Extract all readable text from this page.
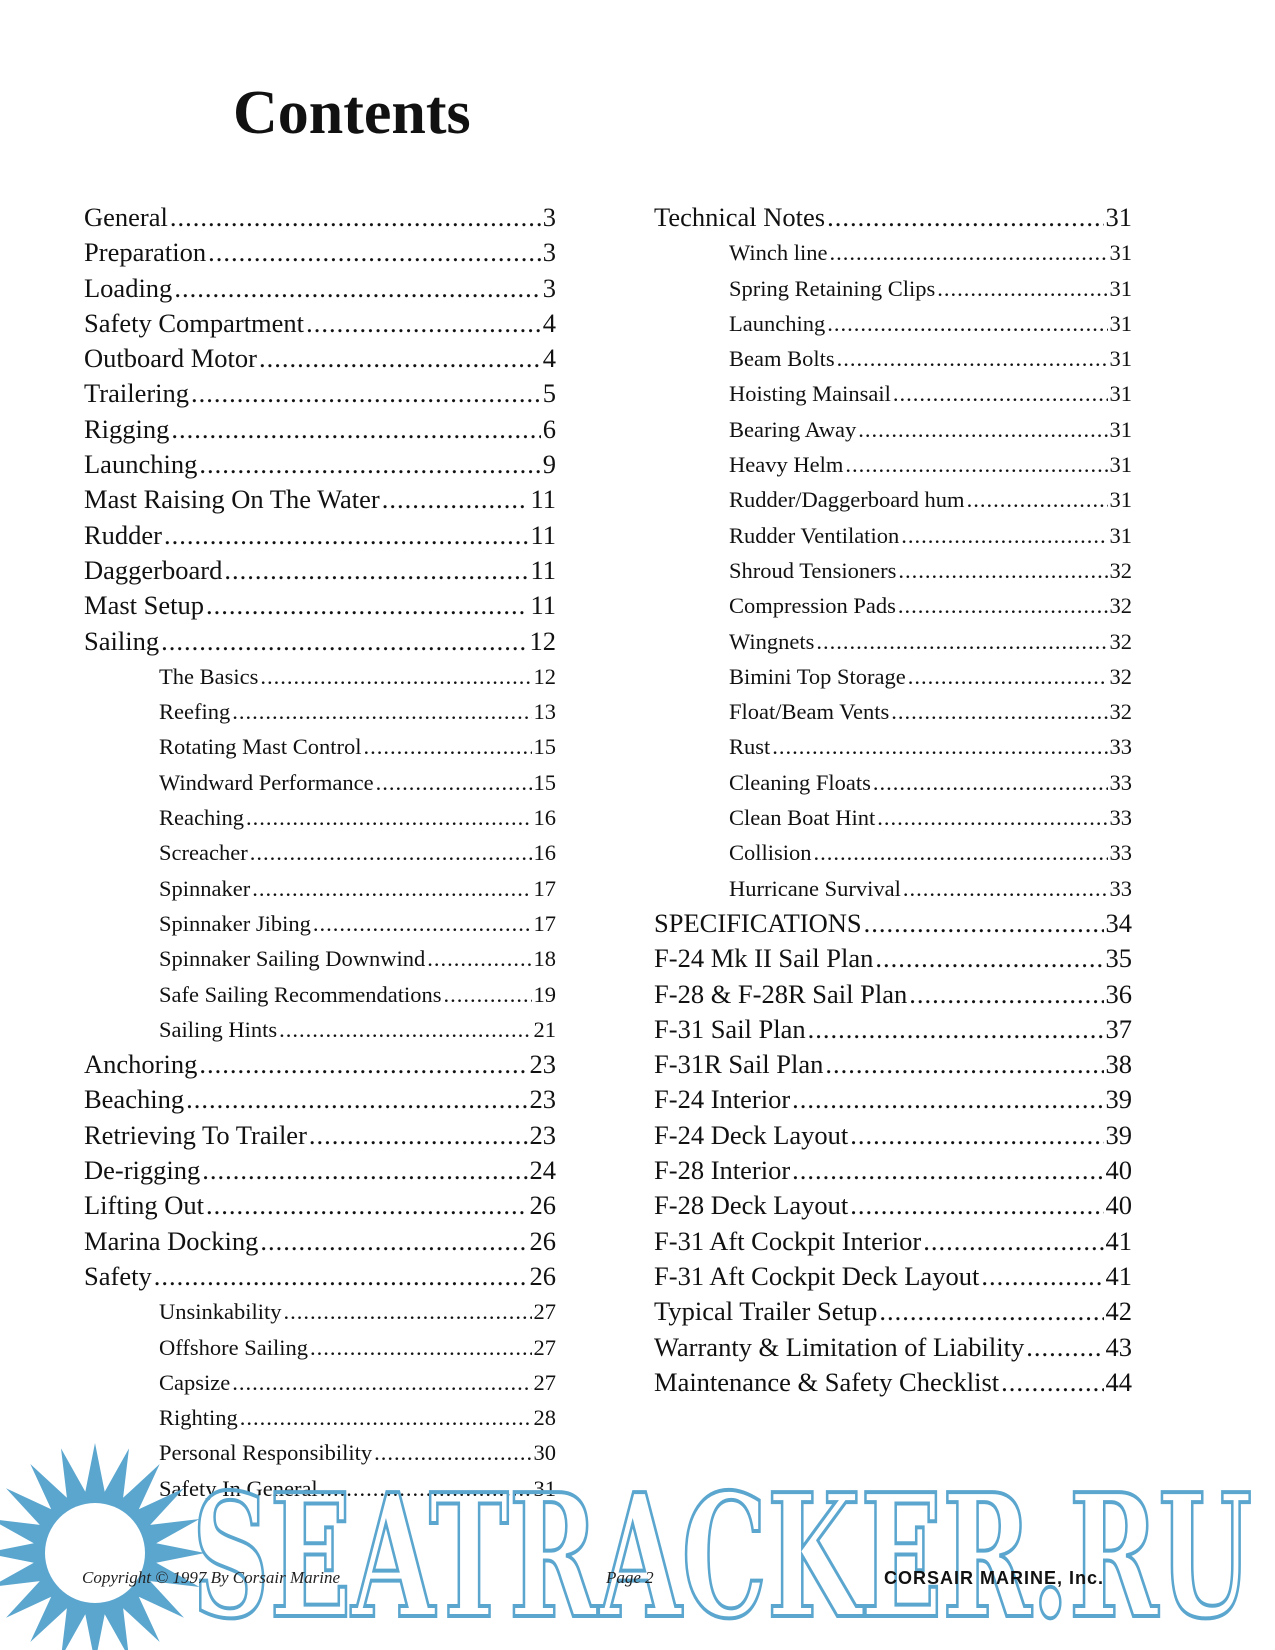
Contents
General .....	3
Preparation .....	3
Loading .....	3
Safety Compartment .....	4
Outboard Motor .....	4
Trailering .....	5
Rigging .....	6
Launching .....	9
Mast Raising On The Water .....	11
Rudder .....	11
Daggerboard .....	11
Mast Setup .....	11
Sailing .....	12
The Basics .....	12
Reefing .....	13
Rotating Mast Control .....	15
Windward Performance .....	15
Reaching .....	16
Screacher .....	16
Spinnaker .....	17
Spinnaker Jibing .....	17
Spinnaker Sailing Downwind .....	18
Safe Sailing Recommendations .....	19
Sailing Hints .....	21
Anchoring .....	23
Beaching .....	23
Retrieving To Trailer .....	23
De-rigging .....	24
Lifting Out .....	26
Marina Docking .....	26
Safety .....	26
Unsinkability .....	27
Offshore Sailing .....	27
Capsize .....	27
Righting .....	28
Personal Responsibility .....	30
Safety In General .....	31
Technical Notes .....	31
Winch line .....	31
Spring Retaining Clips .....	31
Launching .....	31
Beam Bolts .....	31
Hoisting Mainsail .....	31
Bearing Away .....	31
Heavy Helm .....	31
Rudder/Daggerboard hum .....	31
Rudder Ventilation .....	31
Shroud Tensioners .....	32
Compression Pads .....	32
Wingnets .....	32
Bimini Top Storage .....	32
Float/Beam Vents .....	32
Rust .....	33
Cleaning Floats .....	33
Clean Boat Hint .....	33
Collision .....	33
Hurricane Survival .....	33
SPECIFICATIONS .....	34
F-24 Mk II Sail Plan .....	35
F-28 & F-28R Sail Plan .....	36
F-31 Sail Plan .....	37
F-31R Sail Plan .....	38
F-24 Interior .....	39
F-24 Deck Layout .....	39
F-28 Interior .....	40
F-28 Deck Layout .....	40
F-31 Aft Cockpit Interior .....	41
F-31 Aft Cockpit Deck Layout .....	41
Typical Trailer Setup .....	42
Warranty & Limitation of Liability .....	43
Maintenance & Safety Checklist .....	44
SEATRACKER.RU
Copyright © 1997 By Corsair Marine	Page 2	CORSAIR MARINE, Inc.
